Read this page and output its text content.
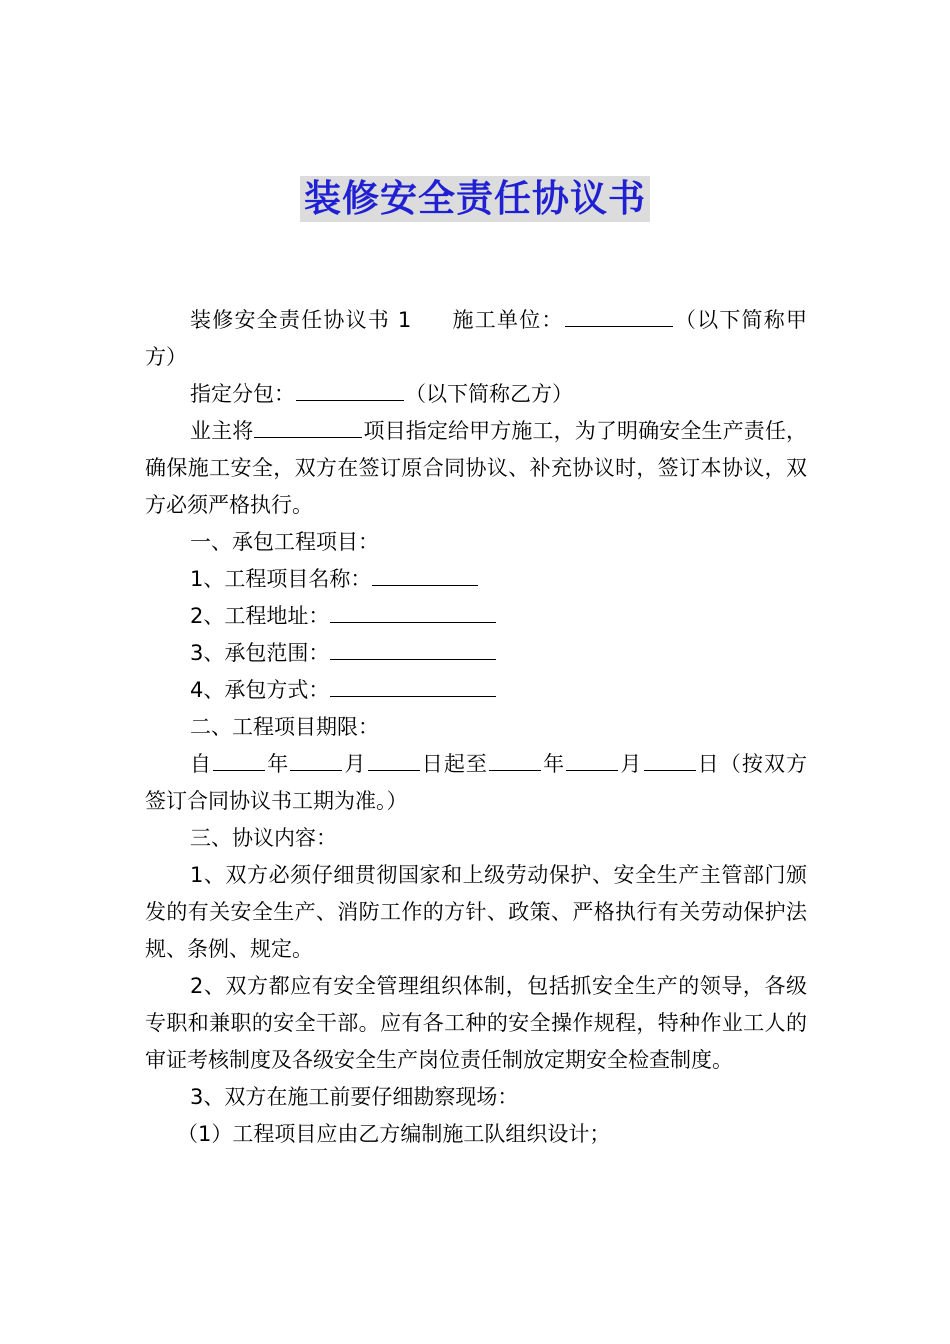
装修安全责任协议书

装修安全责任协议书 1 施工单位：	（以下简称甲方）

指定分包：	（以下简称乙方）

业主将	项目指定给甲方施工，为了明确安全生产责任，确保施工安全，双方在签订原合同协议、补充协议时，签订本协议，双方必须严格执行。

一、承包工程项目：

1、工程项目名称：

2、工程地址：

3、承包范围：

4、承包方式：

二、工程项目期限：

自	年	月	日起至	年	月	日（按双方签订合同协议书工期为准。）

三、协议内容：

1、双方必须仔细贯彻国家和上级劳动保护、安全生产主管部门颁发的有关安全生产、消防工作的方针、政策、严格执行有关劳动保护法规、条例、规定。

2、双方都应有安全管理组织体制，包括抓安全生产的领导，各级专职和兼职的安全干部。应有各工种的安全操作规程，特种作业工人的审证考核制度及各级安全生产岗位责任制放定期安全检查制度。

3、双方在施工前要仔细勘察现场：

（1）工程项目应由乙方编制施工队组织设计；
